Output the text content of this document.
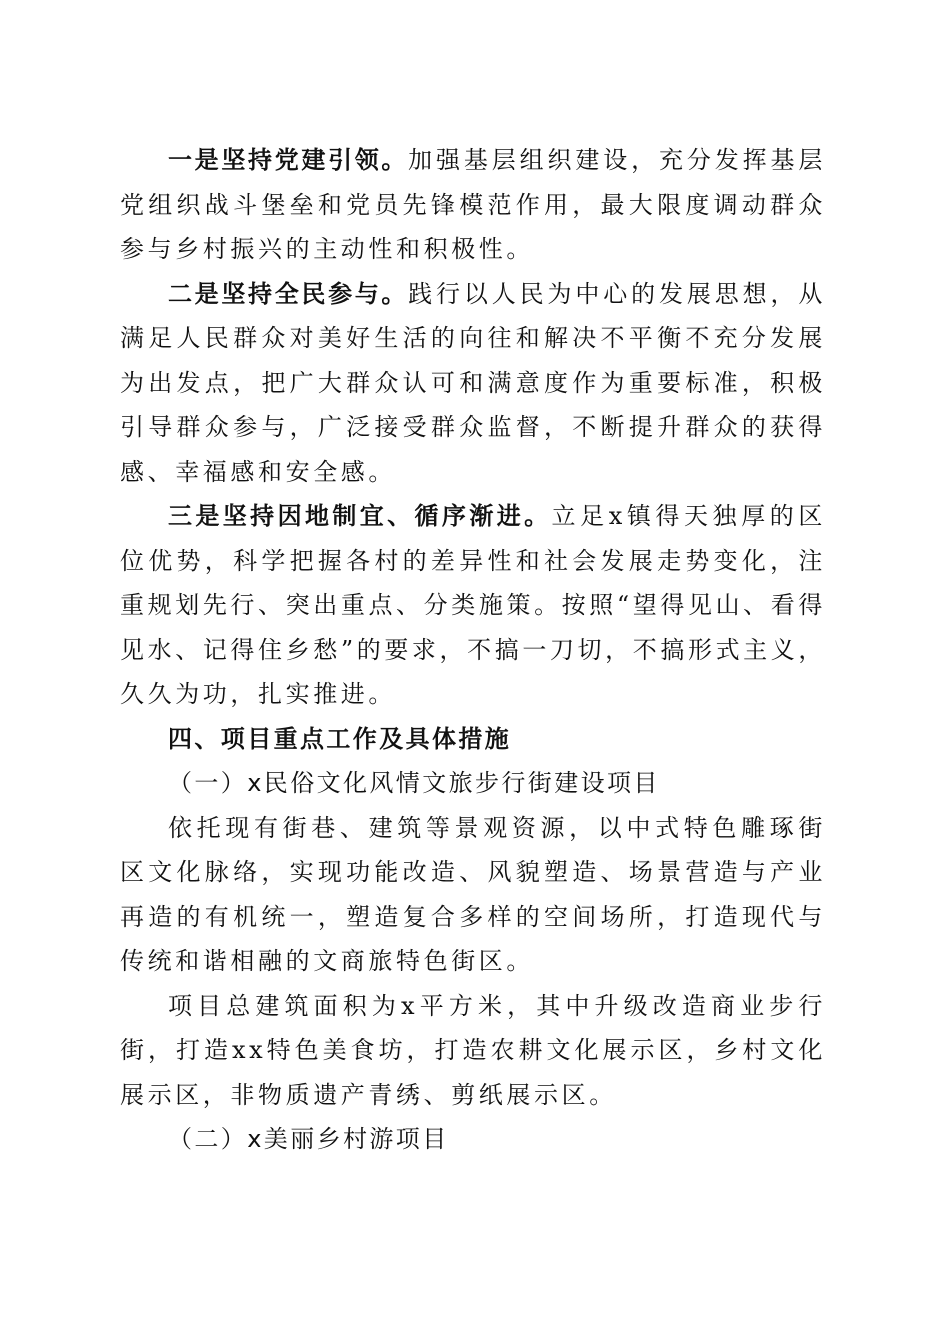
一是坚持党建引领。加强基层组织建设，充分发挥基层党组织战斗堡垒和党员先锋模范作用，最大限度调动群众参与乡村振兴的主动性和积极性。

二是坚持全民参与。践行以人民为中心的发展思想，从满足人民群众对美好生活的向往和解决不平衡不充分发展为出发点，把广大群众认可和满意度作为重要标准，积极引导群众参与，广泛接受群众监督，不断提升群众的获得感、幸福感和安全感。

三是坚持因地制宜、循序渐进。立足x镇得天独厚的区位优势，科学把握各村的差异性和社会发展走势变化，注重规划先行、突出重点、分类施策。按照“望得见山、看得见水、记得住乡愁”的要求，不搞一刀切，不搞形式主义，久久为功，扎实推进。

四、项目重点工作及具体措施

（一）x民俗文化风情文旅步行街建设项目

依托现有街巷、建筑等景观资源，以中式特色雕琢街区文化脉络，实现功能改造、风貌塑造、场景营造与产业再造的有机统一，塑造复合多样的空间场所，打造现代与传统和谐相融的文商旅特色街区。

项目总建筑面积为x平方米，其中升级改造商业步行街，打造xx特色美食坊，打造农耕文化展示区，乡村文化展示区，非物质遗产青绣、剪纸展示区。

（二）x美丽乡村游项目
